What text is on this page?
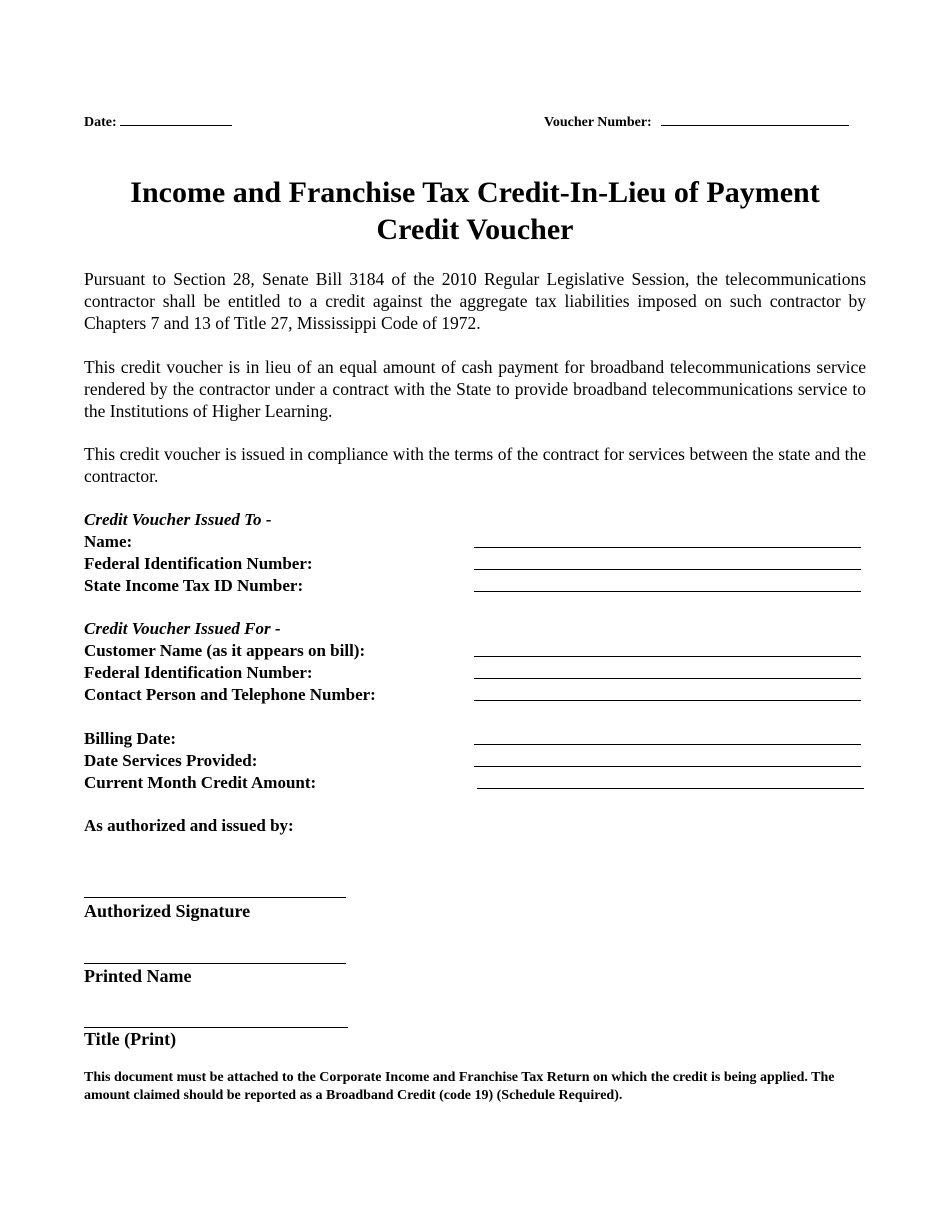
Date:	Voucher Number:
Income and Franchise Tax Credit-In-Lieu of Payment
Credit Voucher
Pursuant to Section 28, Senate Bill 3184 of the 2010 Regular Legislative Session, the telecommunications contractor shall be entitled to a credit against the aggregate tax liabilities imposed on such contractor by Chapters 7 and 13 of Title 27, Mississippi Code of 1972.
This credit voucher is in lieu of an equal amount of cash payment for broadband telecommunications service rendered by the contractor under a contract with the State to provide broadband telecommunications service to the Institutions of Higher Learning.
This credit voucher is issued in compliance with the terms of the contract for services between the state and the contractor.
Credit Voucher Issued To -
Name:
Federal Identification Number:
State Income Tax ID Number:
Credit Voucher Issued For -
Customer Name (as it appears on bill):
Federal Identification Number:
Contact Person and Telephone Number:
Billing Date:
Date Services Provided:
Current Month Credit Amount:
As authorized and issued by:
Authorized Signature
Printed Name
Title (Print)
This document must be attached to the Corporate Income and Franchise Tax Return on which the credit is being applied. The amount claimed should be reported as a Broadband Credit (code 19) (Schedule Required).
